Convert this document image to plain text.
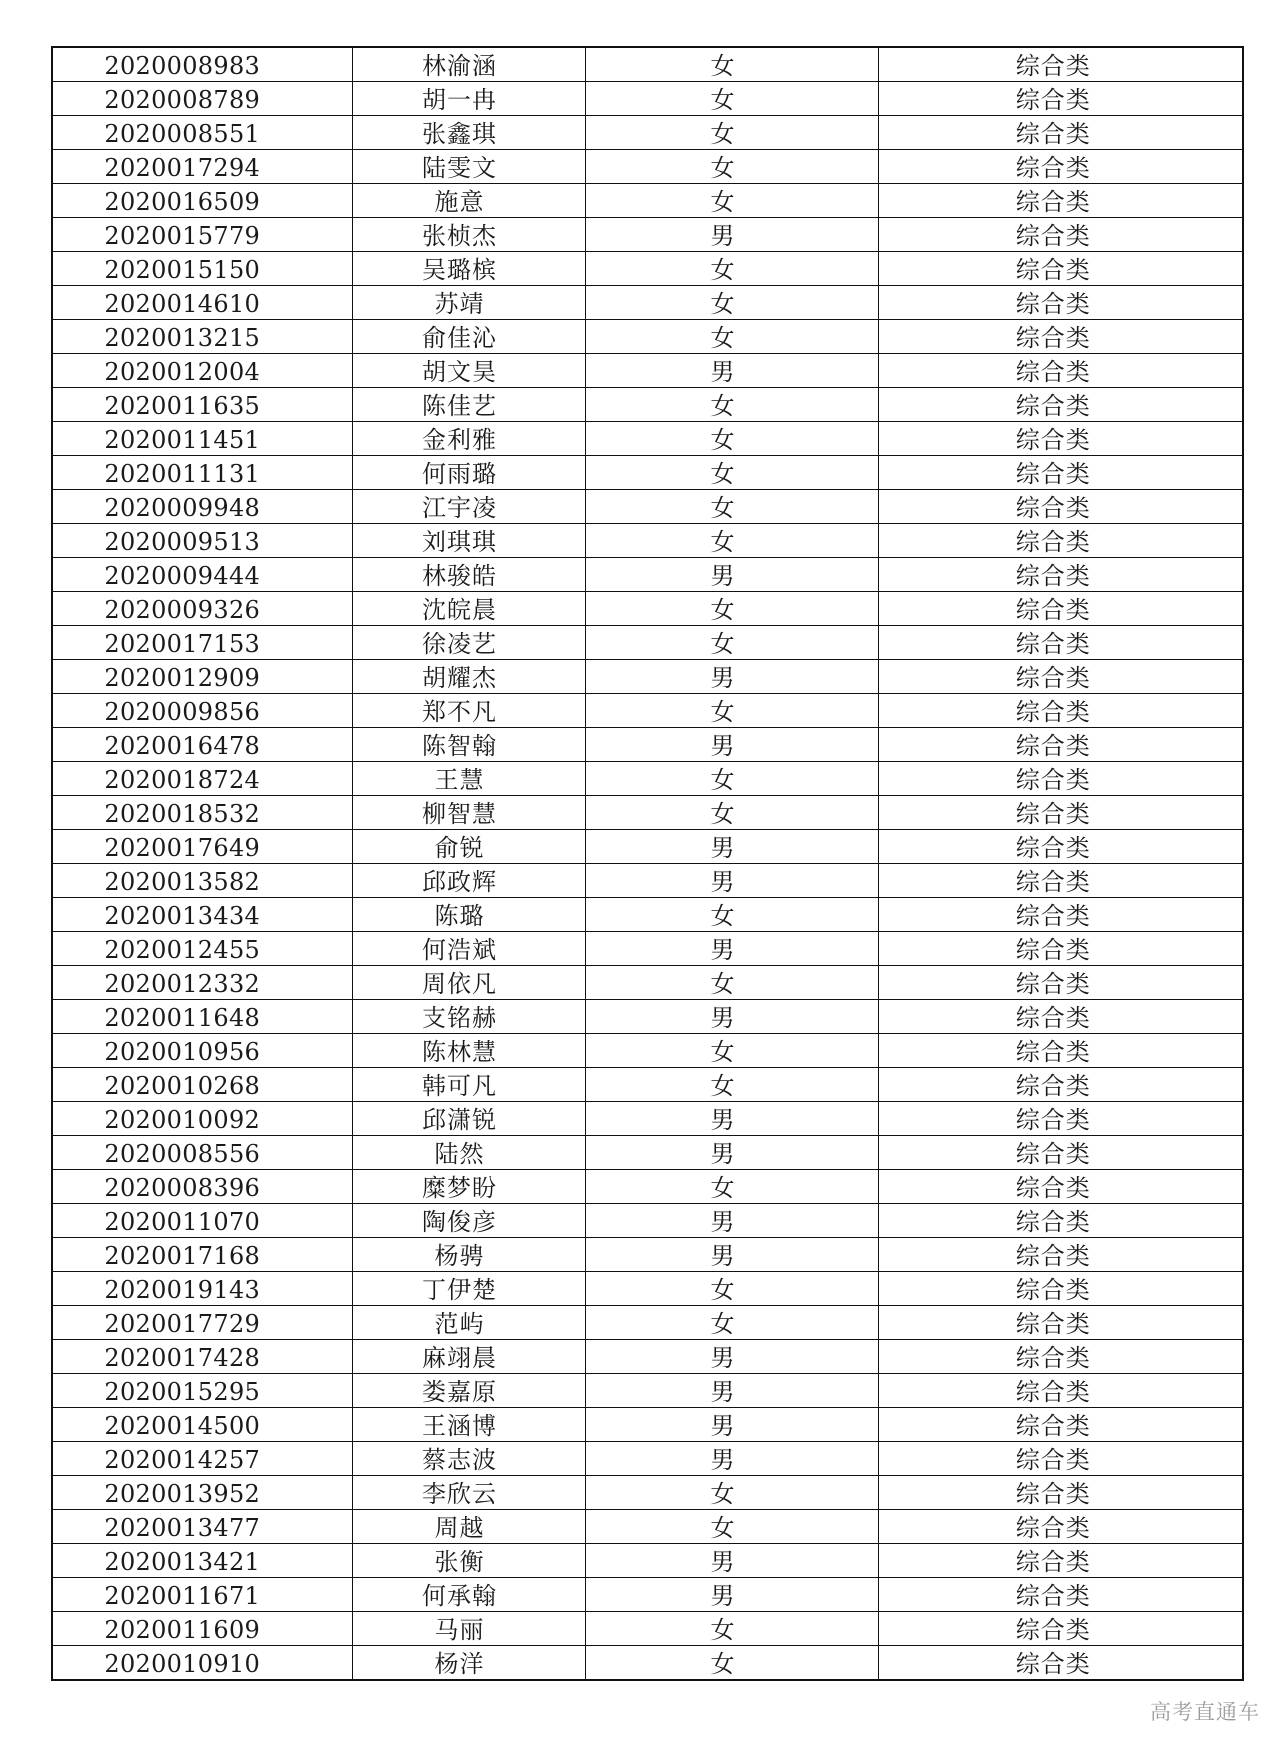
2020008983	林渝涵	女	综合类
2020008789	胡一冉	女	综合类
2020008551	张鑫琪	女	综合类
2020017294	陆雯文	女	综合类
2020016509	施意	女	综合类
2020015779	张桢杰	男	综合类
2020015150	吴璐槟	女	综合类
2020014610	苏靖	女	综合类
2020013215	俞佳沁	女	综合类
2020012004	胡文昊	男	综合类
2020011635	陈佳艺	女	综合类
2020011451	金利雅	女	综合类
2020011131	何雨璐	女	综合类
2020009948	江宇凌	女	综合类
2020009513	刘琪琪	女	综合类
2020009444	林骏皓	男	综合类
2020009326	沈皖晨	女	综合类
2020017153	徐凌艺	女	综合类
2020012909	胡耀杰	男	综合类
2020009856	郑不凡	女	综合类
2020016478	陈智翰	男	综合类
2020018724	王慧	女	综合类
2020018532	柳智慧	女	综合类
2020017649	俞锐	男	综合类
2020013582	邱政辉	男	综合类
2020013434	陈璐	女	综合类
2020012455	何浩斌	男	综合类
2020012332	周依凡	女	综合类
2020011648	支铭赫	男	综合类
2020010956	陈林慧	女	综合类
2020010268	韩可凡	女	综合类
2020010092	邱潇锐	男	综合类
2020008556	陆然	男	综合类
2020008396	糜梦盼	女	综合类
2020011070	陶俊彦	男	综合类
2020017168	杨骋	男	综合类
2020019143	丁伊楚	女	综合类
2020017729	范屿	女	综合类
2020017428	麻翊晨	男	综合类
2020015295	娄嘉原	男	综合类
2020014500	王涵博	男	综合类
2020014257	蔡志波	男	综合类
2020013952	李欣云	女	综合类
2020013477	周越	女	综合类
2020013421	张衡	男	综合类
2020011671	何承翰	男	综合类
2020011609	马丽	女	综合类
2020010910	杨洋	女	综合类
高考直通车
